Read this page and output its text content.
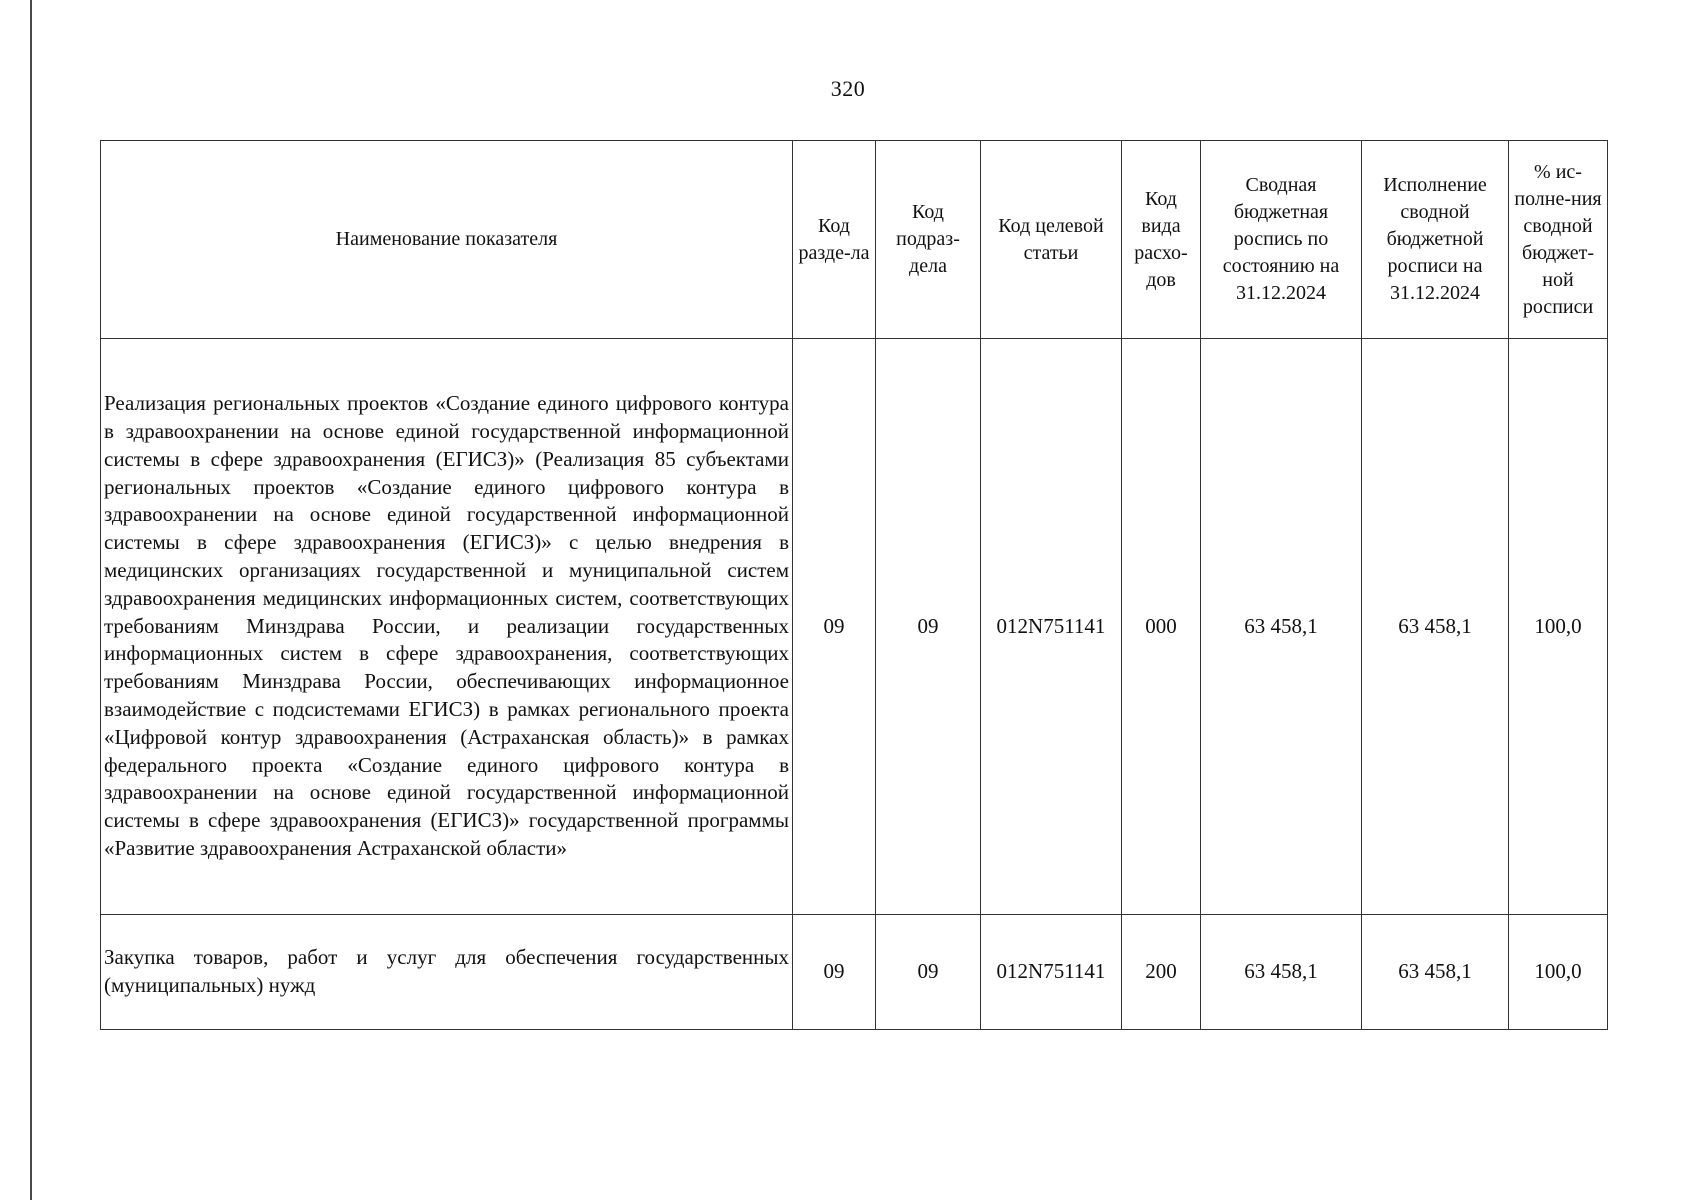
320
Наименование показателя	Код разде-ла	Код подраз-дела	Код целевой статьи	Код вида расхо-дов	Сводная бюджетная роспись по состоянию на 31.12.2024	Исполнение сводной бюджетной росписи на 31.12.2024	% ис-полне-ния сводной бюджет-ной росписи
Реализация региональных проектов «Создание единого цифрового контура в здравоохранении на основе единой государственной информационной системы в сфере здравоохранения (ЕГИСЗ)» (Реализация 85 субъектами региональных проектов «Создание единого цифрового контура в здравоохранении на основе единой государственной информационной системы в сфере здравоохранения (ЕГИСЗ)» с целью внедрения в медицинских организациях государственной и муниципальной систем здравоохранения медицинских информационных систем, соответствующих требованиям Минздрава России, и реализации государственных информационных систем в сфере здравоохранения, соответствующих требованиям Минздрава России, обеспечивающих информационное взаимодействие с подсистемами ЕГИСЗ) в рамках регионального проекта «Цифровой контур здравоохранения (Астраханская область)» в рамках федерального проекта «Создание единого цифрового контура в здравоохранении на основе единой государственной информационной системы в сфере здравоохранения (ЕГИСЗ)» государственной программы «Развитие здравоохранения Астраханской области»	09	09	012N751141	000	63 458,1	63 458,1	100,0
Закупка товаров, работ и услуг для обеспечения государственных (муниципальных) нужд	09	09	012N751141	200	63 458,1	63 458,1	100,0
